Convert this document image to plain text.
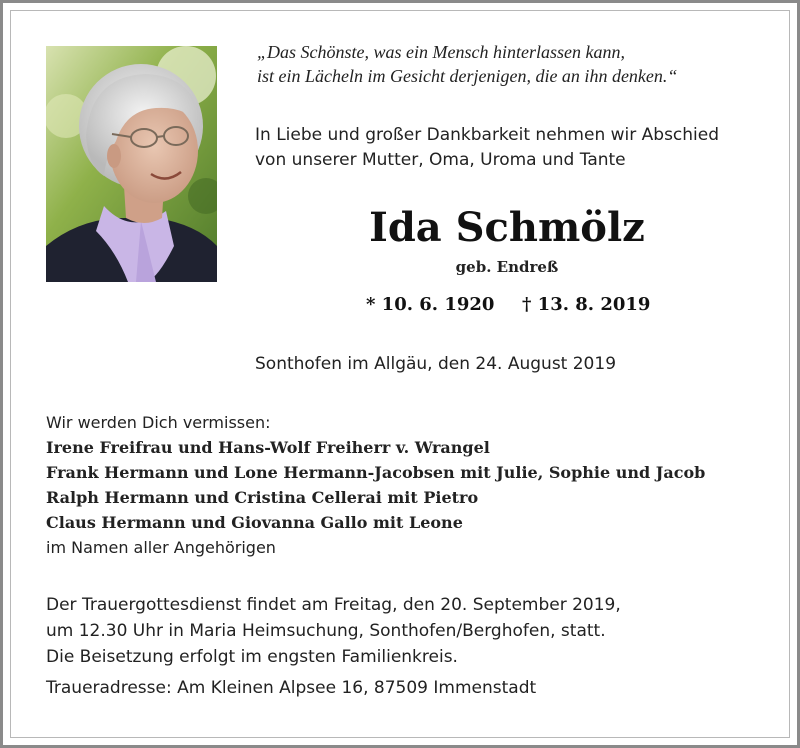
„Das Schönste, was ein Mensch hinterlassen kann,
ist ein Lächeln im Gesicht derjenigen, die an ihn denken.“
In Liebe und großer Dankbarkeit nehmen wir Abschied
von unserer Mutter, Oma, Uroma und Tante
Ida Schmölz
geb. Endreß
* 10. 6. 1920 † 13. 8. 2019
Sonthofen im Allgäu, den 24. August 2019
Wir werden Dich vermissen:
Irene Freifrau und Hans-Wolf Freiherr v. Wrangel
Frank Hermann und Lone Hermann-Jacobsen mit Julie, Sophie und Jacob
Ralph Hermann und Cristina Cellerai mit Pietro
Claus Hermann und Giovanna Gallo mit Leone
im Namen aller Angehörigen
Der Trauergottesdienst findet am Freitag, den 20. September 2019,
um 12.30 Uhr in Maria Heimsuchung, Sonthofen/Berghofen, statt.
Die Beisetzung erfolgt im engsten Familienkreis.
Traueradresse: Am Kleinen Alpsee 16, 87509 Immenstadt
